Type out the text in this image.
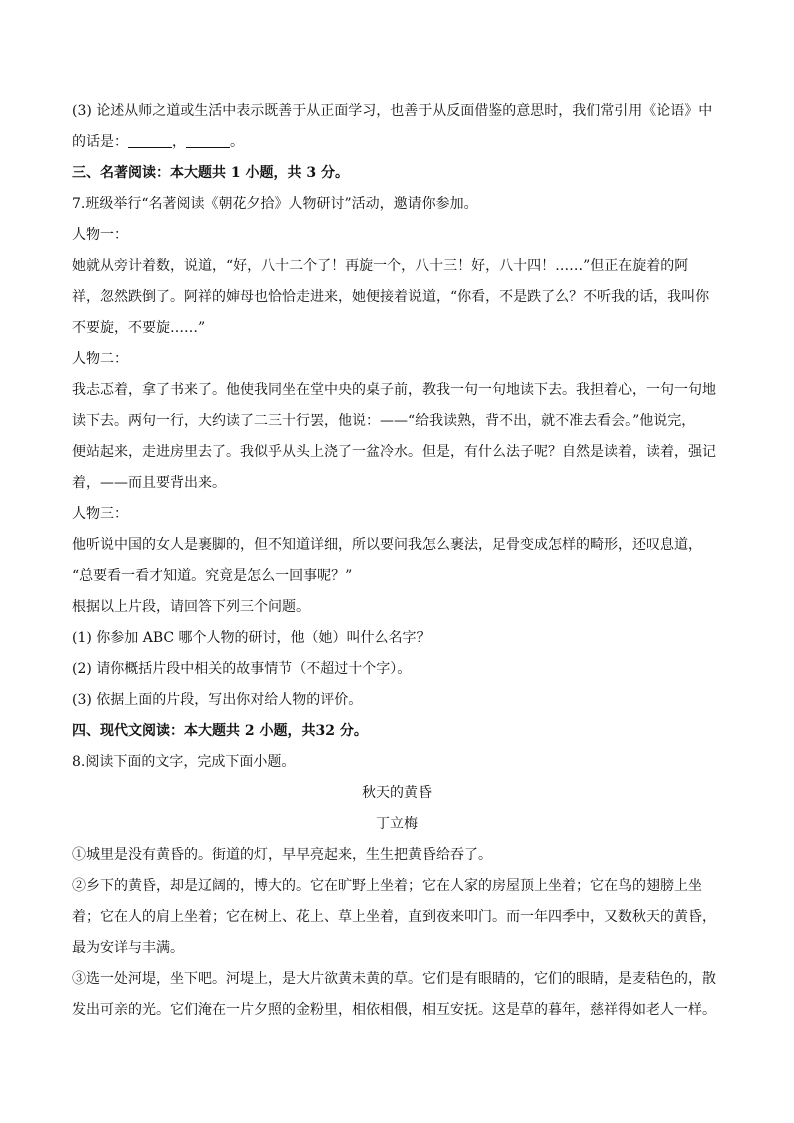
(3) 论述从师之道或生活中表示既善于从正面学习，也善于从反面借鉴的意思时，我们常引用《论语》中

的话是：	，	。

三、名著阅读：本大题共 1 小题，共 3 分。

7.班级举行“名著阅读《朝花夕拾》人物研讨”活动，邀请你参加。

人物一：

她就从旁计着数，说道，“好，八十二个了！再旋一个，八十三！好，八十四！……”但正在旋着的阿

祥，忽然跌倒了。阿祥的婶母也恰恰走进来，她便接着说道，“你看，不是跌了么？不听我的话，我叫你

不要旋，不要旋……”

人物二：

我忐忑着，拿了书来了。他使我同坐在堂中央的桌子前，教我一句一句地读下去。我担着心，一句一句地

读下去。两句一行，大约读了二三十行罢，他说：——“给我读熟，背不出，就不准去看会。”他说完，

便站起来，走进房里去了。我似乎从头上浇了一盆冷水。但是，有什么法子呢？自然是读着，读着，强记

着，——而且要背出来。

人物三：

他听说中国的女人是裹脚的，但不知道详细，所以要问我怎么裹法，足骨变成怎样的畸形，还叹息道，

“总要看一看才知道。究竟是怎么一回事呢？”

根据以上片段，请回答下列三个问题。

(1) 你参加 ABC 哪个人物的研讨，他（她）叫什么名字？

(2) 请你概括片段中相关的故事情节（不超过十个字）。

(3) 依据上面的片段，写出你对给人物的评价。

四、现代文阅读：本大题共 2 小题，共32 分。

8.阅读下面的文字，完成下面小题。

秋天的黄昏

丁立梅

①城里是没有黄昏的。街道的灯，早早亮起来，生生把黄昏给吞了。

②乡下的黄昏，却是辽阔的，博大的。它在旷野上坐着；它在人家的房屋顶上坐着；它在鸟的翅膀上坐

着；它在人的肩上坐着；它在树上、花上、草上坐着，直到夜来叩门。而一年四季中，又数秋天的黄昏，

最为安详与丰满。

③选一处河堤，坐下吧。河堤上，是大片欲黄未黄的草。它们是有眼睛的，它们的眼睛，是麦秸色的，散

发出可亲的光。它们淹在一片夕照的金粉里，相依相偎，相互安抚。这是草的暮年，慈祥得如老人一样。
